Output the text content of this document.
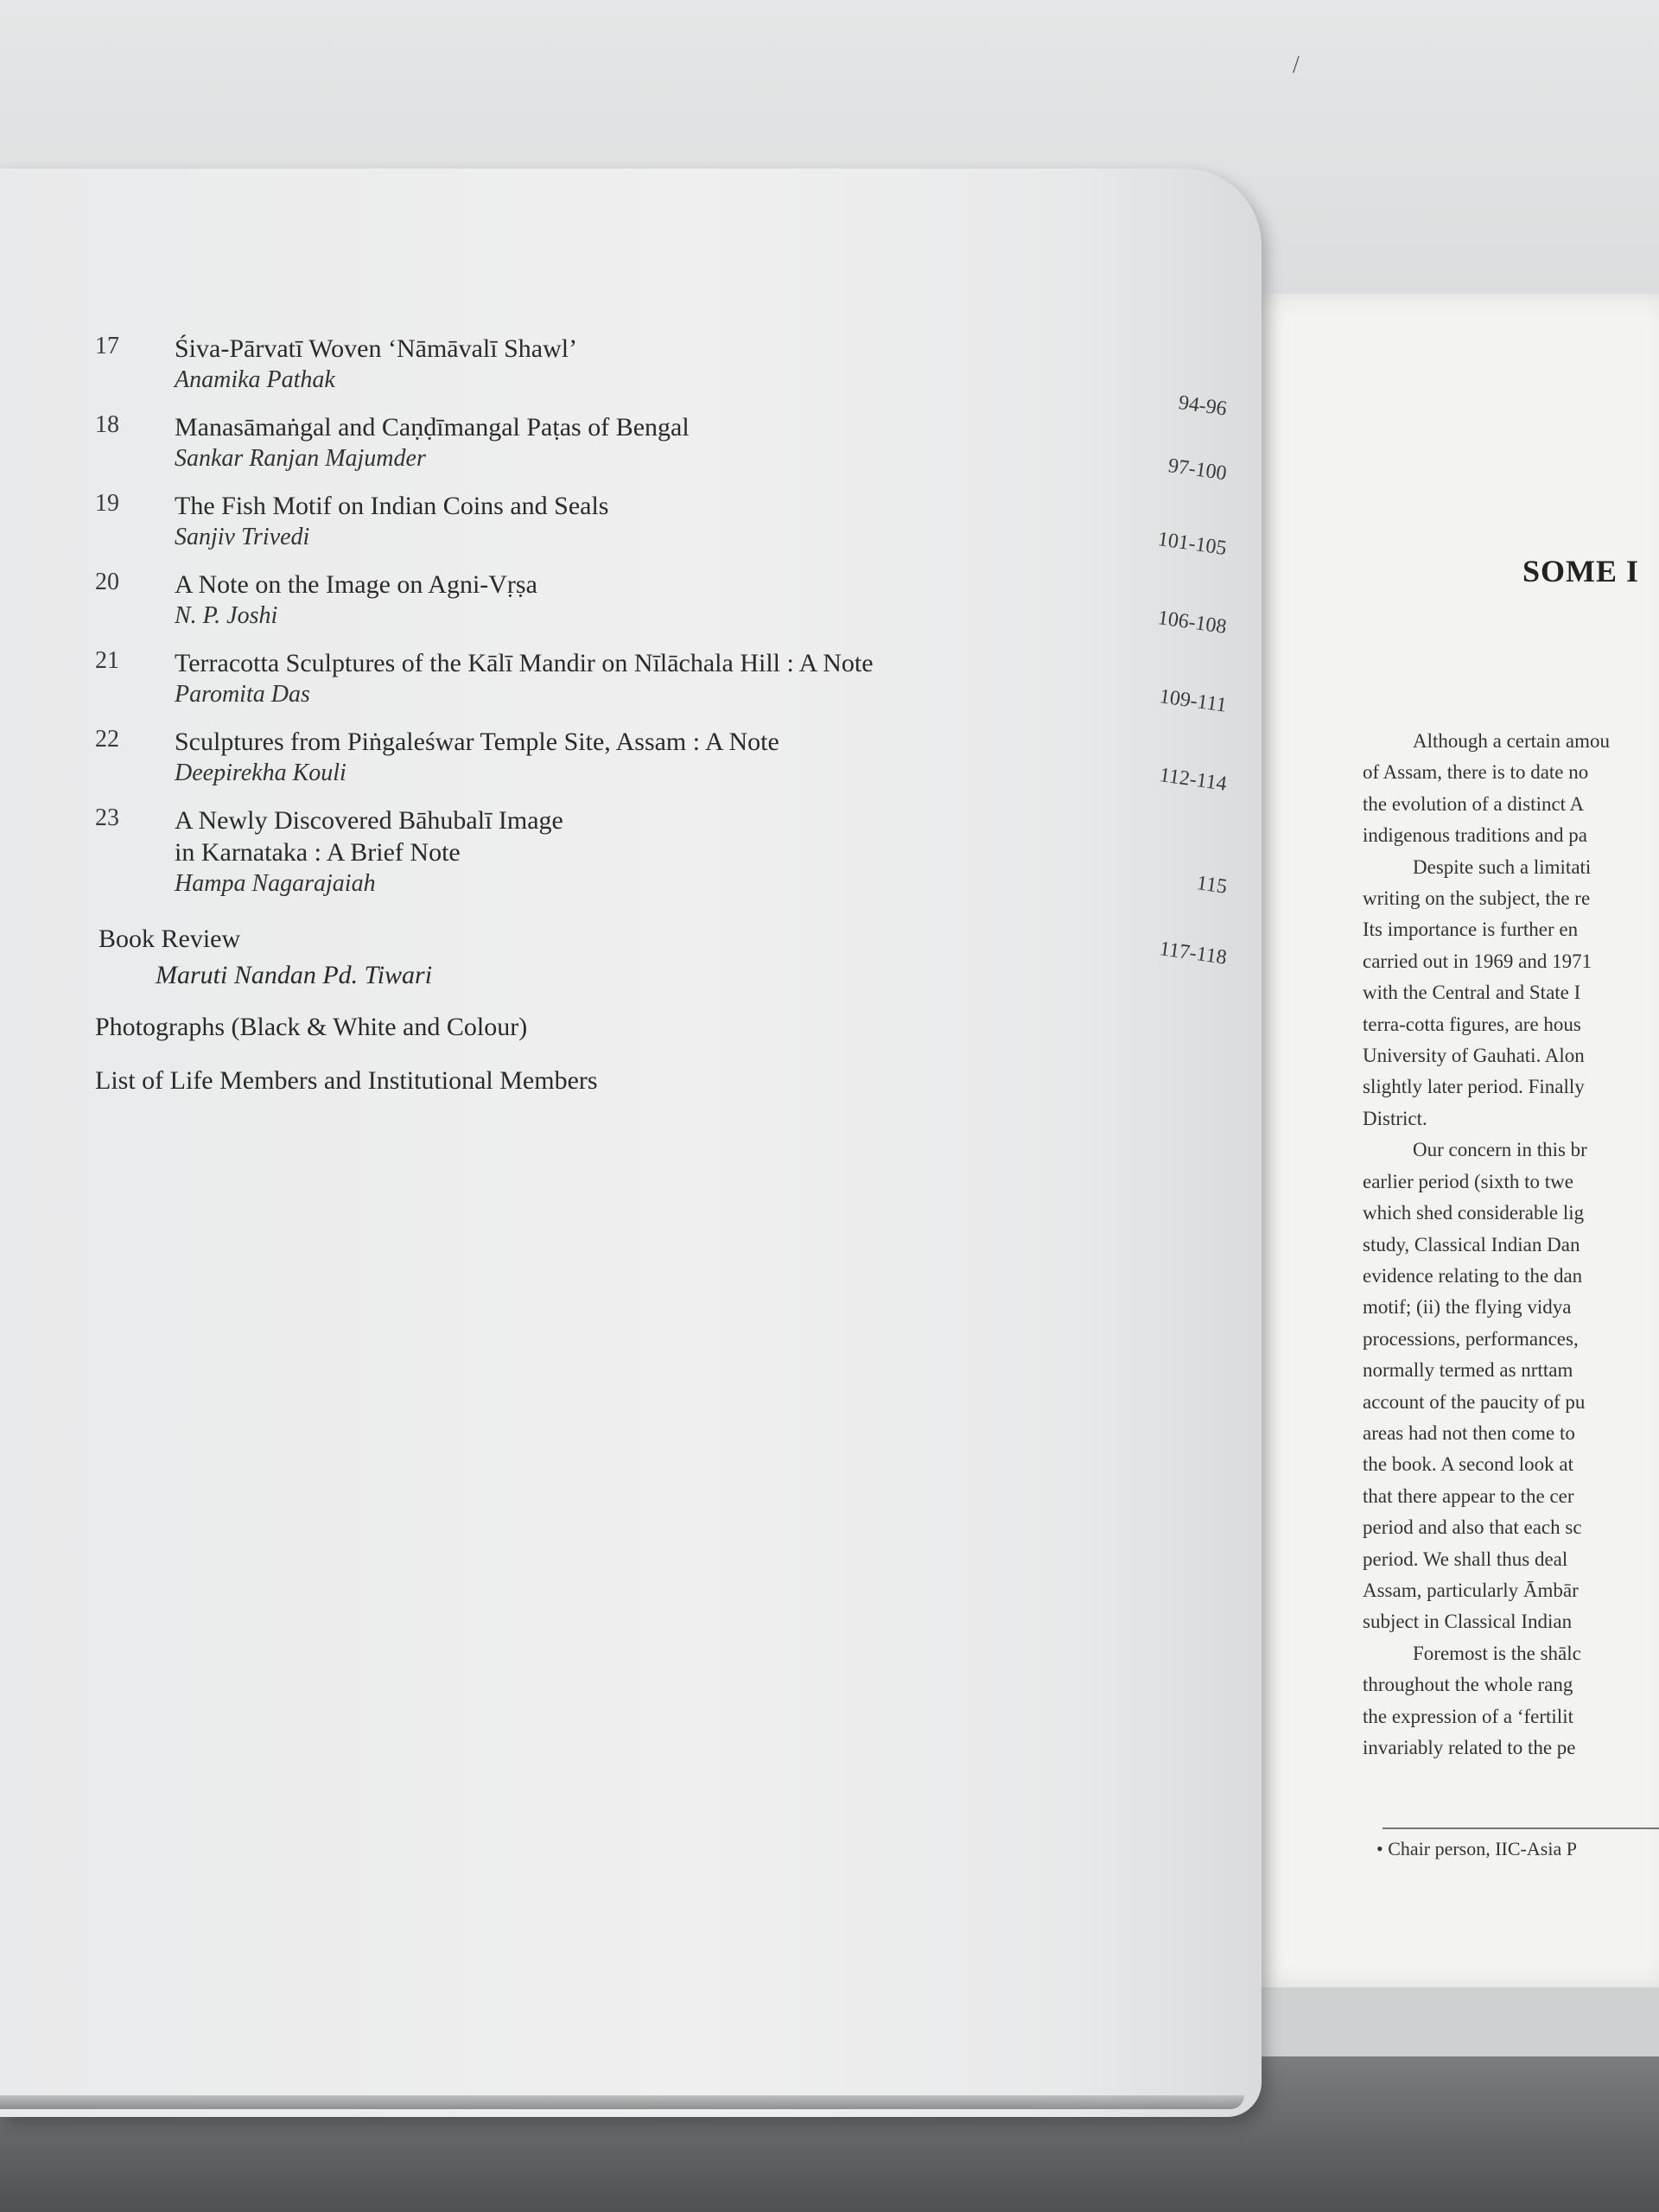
/
SOME I

Although a certain amou

of Assam, there is to date no

the evolution of a distinct A

indigenous traditions and pa

Despite such a limitati

writing on the subject, the re

Its importance is further en

carried out in 1969 and 1971

with the Central and State I

terra-cotta figures, are hous

University of Gauhati. Alon

slightly later period. Finally

District.

Our concern in this br

earlier period (sixth to twe

which shed considerable lig

study, Classical Indian Dan

evidence relating to the dan

motif; (ii) the flying vidya

processions, performances,

normally termed as nrttam

account of the paucity of pu

areas had not then come to

the book. A second look at

that there appear to the cer

period and also that each sc

period. We shall thus deal

Assam, particularly Āmbār

subject in Classical Indian

Foremost is the shālc

throughout the whole rang

the expression of a ‘fertilit

invariably related to the pe

• Chair person, IIC-Asia P
17	Śiva-Pārvatī Woven ‘Nāmāvalī Shawl’
Anamika Pathak
94-96
18	Manasāmaṅgal and Caṇḍīmangal Paṭas of Bengal
Sankar Ranjan Majumder	97-100
19	The Fish Motif on Indian Coins and Seals
Sanjiv Trivedi	101-105
20	A Note on the Image on Agni-Vṛṣa
N. P. Joshi	106-108
21	Terracotta Sculptures of the Kālī Mandir on Nīlāchala Hill : A Note
Paromita Das	109-111
22	Sculptures from Piṅgaleśwar Temple Site, Assam : A Note
Deepirekha Kouli	112-114
23	A Newly Discovered Bāhubalī Image
in Karnataka : A Brief Note
Hampa Nagarajaiah	115
Book Review
Maruti Nandan Pd. Tiwari
117-118
Photographs (Black & White and Colour)
List of Life Members and Institutional Members
